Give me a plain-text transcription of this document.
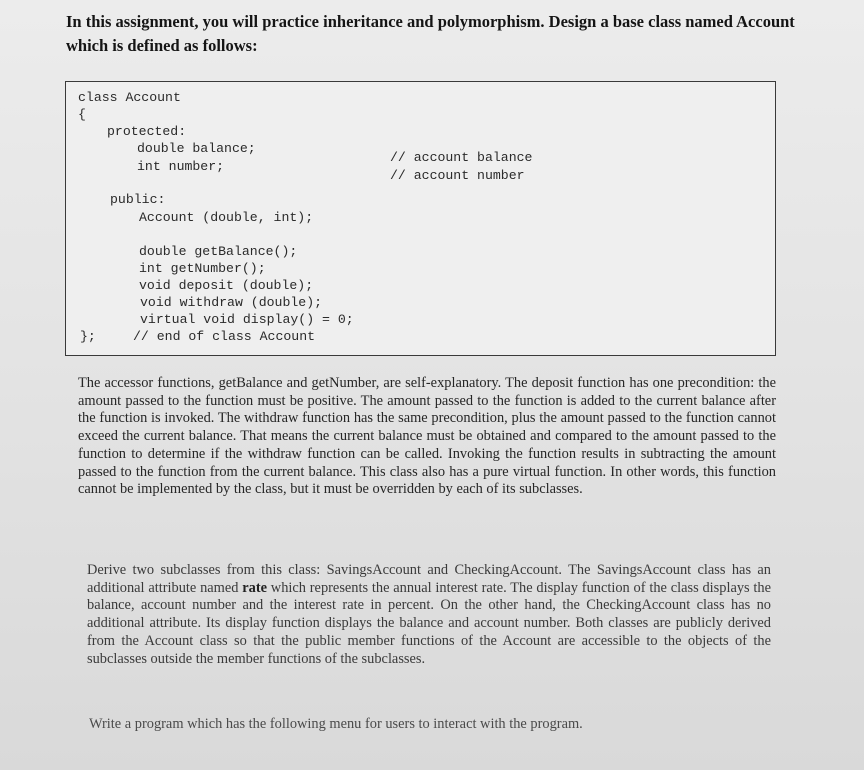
In this assignment, you will practice inheritance and polymorphism. Design a base class named Account which is defined as follows:
class Account
{
protected:
double balance;
int number;
// account balance
// account number
public:
Account (double, int);
double getBalance();
int getNumber();
void deposit (double);
void withdraw (double);
virtual void display() = 0;
};	// end of class Account
The accessor functions, getBalance and getNumber, are self-explanatory. The deposit function has one precondition: the amount passed to the function must be positive. The amount passed to the function is added to the current balance after the function is invoked. The withdraw function has the same precondition, plus the amount passed to the function cannot exceed the current balance. That means the current balance must be obtained and compared to the amount passed to the function to determine if the withdraw function can be called. Invoking the function results in subtracting the amount passed to the function from the current balance. This class also has a pure virtual function. In other words, this function cannot be implemented by the class, but it must be overridden by each of its subclasses.
Derive two subclasses from this class: SavingsAccount and CheckingAccount. The SavingsAccount class has an additional attribute named rate which represents the annual interest rate. The display function of the class displays the balance, account number and the interest rate in percent. On the other hand, the CheckingAccount class has no additional attribute. Its display function displays the balance and account number. Both classes are publicly derived from the Account class so that the public member functions of the Account are accessible to the objects of the subclasses outside the member functions of the subclasses.
Write a program which has the following menu for users to interact with the program.
